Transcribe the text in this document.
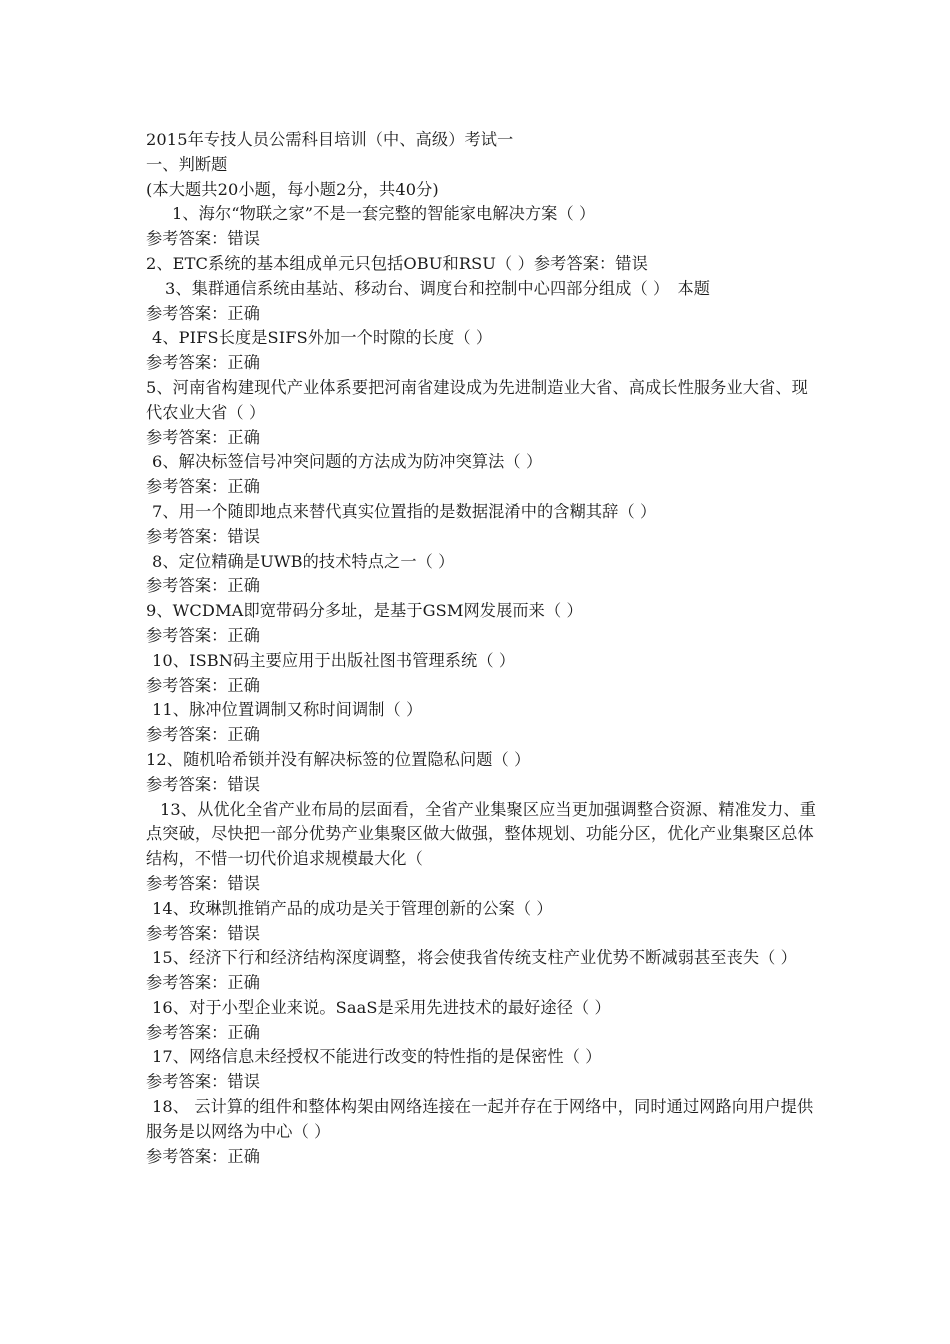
2015年专技人员公需科目培训（中、高级）考试一

一、判断题

(本大题共20小题，每小题2分，共40分)

1、海尔“物联之家”不是一套完整的智能家电解决方案（ ）

参考答案：错误

2、ETC系统的基本组成单元只包括OBU和RSU（ ）参考答案：错误

3、集群通信系统由基站、移动台、调度台和控制中心四部分组成（ ）　本题

参考答案：正确

4、PIFS长度是SIFS外加一个时隙的长度（ ）

参考答案：正确

5、河南省构建现代产业体系要把河南省建设成为先进制造业大省、高成长性服务业大省、现代农业大省（ ）

参考答案：正确

6、解决标签信号冲突问题的方法成为防冲突算法（ ）

参考答案：正确

7、用一个随即地点来替代真实位置指的是数据混淆中的含糊其辞（ ）

参考答案：错误

8、定位精确是UWB的技术特点之一（ ）

参考答案：正确

9、WCDMA即宽带码分多址，是基于GSM网发展而来（ ）

参考答案：正确

10、ISBN码主要应用于出版社图书管理系统（ ）

参考答案：正确

11、脉冲位置调制又称时间调制（ ）

参考答案：正确

12、随机哈希锁并没有解决标签的位置隐私问题（ ）

参考答案：错误

13、从优化全省产业布局的层面看，全省产业集聚区应当更加强调整合资源、精准发力、重点突破，尽快把一部分优势产业集聚区做大做强，整体规划、功能分区，优化产业集聚区总体结构，不惜一切代价追求规模最大化（

参考答案：错误

14、玫琳凯推销产品的成功是关于管理创新的公案（ ）

参考答案：错误

15、经济下行和经济结构深度调整，将会使我省传统支柱产业优势不断减弱甚至丧失（ ）

参考答案：正确

16、对于小型企业来说。SaaS是采用先进技术的最好途径（ ）

参考答案：正确

17、网络信息未经授权不能进行改变的特性指的是保密性（ ）

参考答案：错误

18、 云计算的组件和整体构架由网络连接在一起并存在于网络中，同时通过网路向用户提供服务是以网络为中心（ ）

参考答案：正确
